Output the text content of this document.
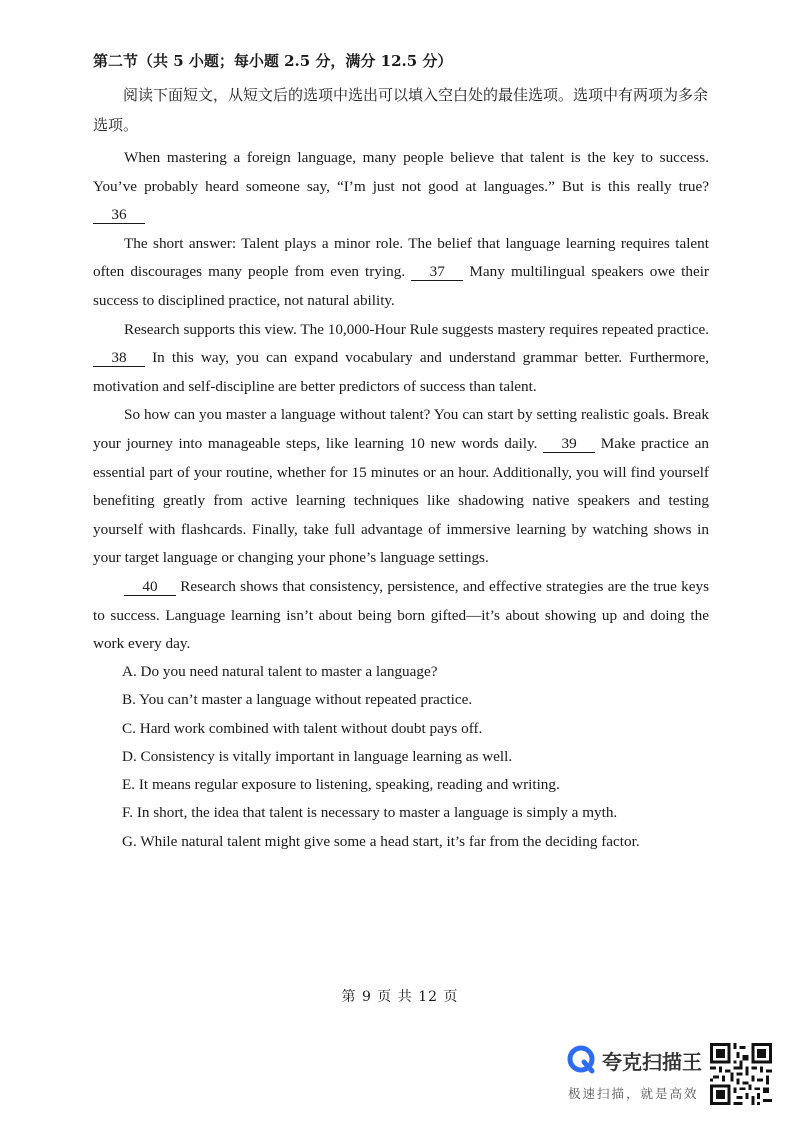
第二节（共 5 小题；每小题 2.5 分，满分 12.5 分）
阅读下面短文，从短文后的选项中选出可以填入空白处的最佳选项。选项中有两项为多余选项。

When mastering a foreign language, many people believe that talent is the key to success. You’ve probably heard someone say, “I’m just not good at languages.” But is this really true?36

The short answer: Talent plays a minor role. The belief that language learning requires talent often discourages many people from even trying. 37 Many multilingual speakers owe their success to disciplined practice, not natural ability.

Research supports this view. The 10,000-Hour Rule suggests mastery requires repeated practice. 38 In this way, you can expand vocabulary and understand grammar better. Furthermore, motivation and self-discipline are better predictors of success than talent.

So how can you master a language without talent? You can start by setting realistic goals. Break your journey into manageable steps, like learning 10 new words daily. 39 Make practice an essential part of your routine, whether for 15 minutes or an hour. Additionally, you will find yourself benefiting greatly from active learning techniques like shadowing native speakers and testing yourself with flashcards. Finally, take full advantage of immersive learning by watching shows in your target language or changing your phone’s language settings.

40 Research shows that consistency, persistence, and effective strategies are the true keys to success. Language learning isn’t about being born gifted—it’s about showing up and doing the work every day.

A. Do you need natural talent to master a language?
B. You can’t master a language without repeated practice.
C. Hard work combined with talent without doubt pays off.
D. Consistency is vitally important in language learning as well.
E. It means regular exposure to listening, speaking, reading and writing.
F. In short, the idea that talent is necessary to master a language is simply a myth.
G. While natural talent might give some a head start, it’s far from the deciding factor.
第 9 页 共 12 页
夸克扫描王
极速扫描，就是高效
